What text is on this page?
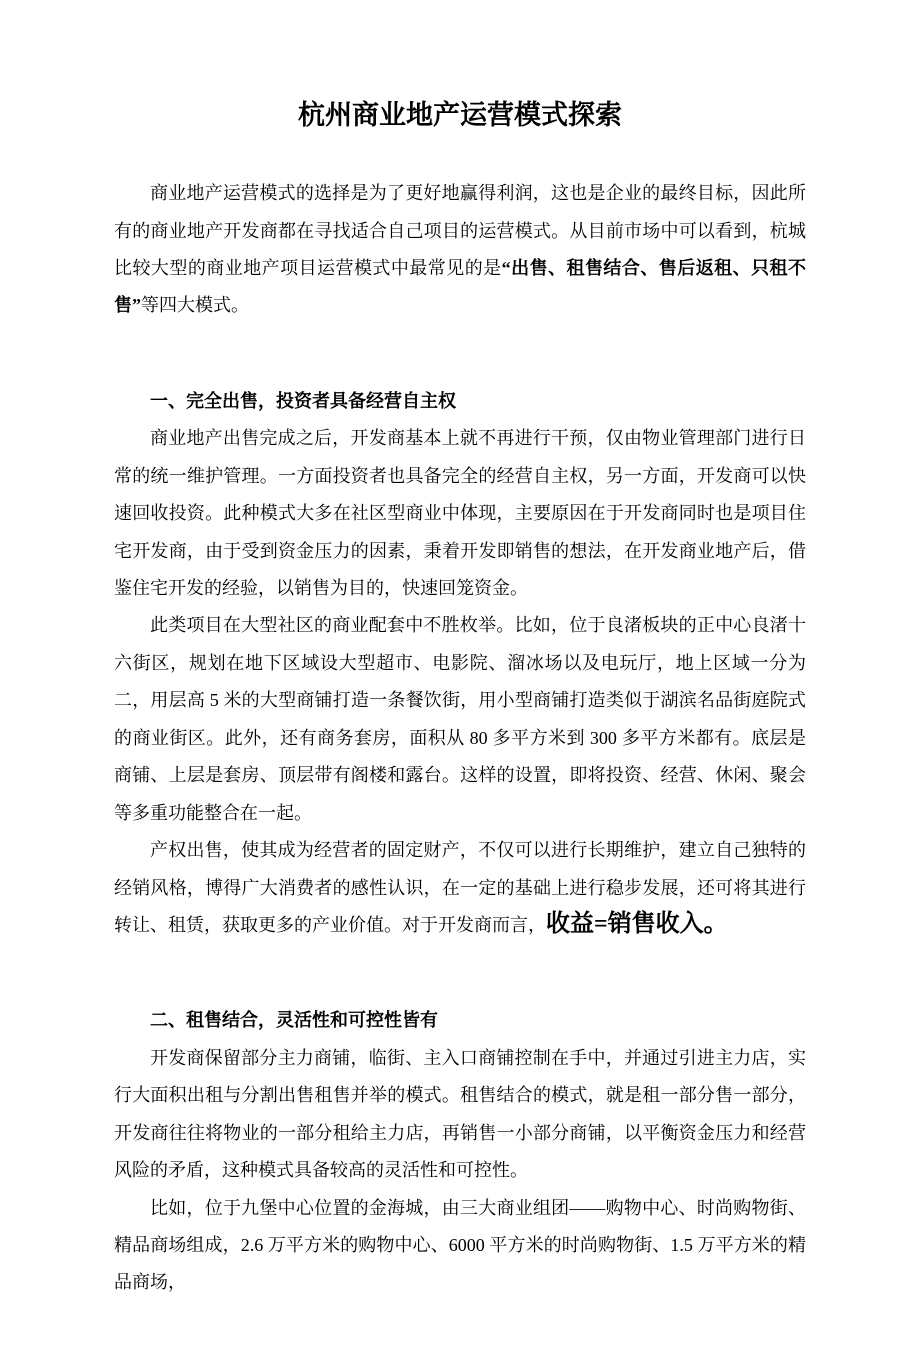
杭州商业地产运营模式探索

商业地产运营模式的选择是为了更好地赢得利润，这也是企业的最终目标，因此所有的商业地产开发商都在寻找适合自己项目的运营模式。从目前市场中可以看到，杭城比较大型的商业地产项目运营模式中最常见的是“出售、租售结合、售后返租、只租不售”等四大模式。

一、完全出售，投资者具备经营自主权

商业地产出售完成之后，开发商基本上就不再进行干预，仅由物业管理部门进行日常的统一维护管理。一方面投资者也具备完全的经营自主权，另一方面，开发商可以快速回收投资。此种模式大多在社区型商业中体现，主要原因在于开发商同时也是项目住宅开发商，由于受到资金压力的因素，秉着开发即销售的想法，在开发商业地产后，借鉴住宅开发的经验，以销售为目的，快速回笼资金。

此类项目在大型社区的商业配套中不胜枚举。比如，位于良渚板块的正中心良渚十六街区，规划在地下区域设大型超市、电影院、溜冰场以及电玩厅，地上区域一分为二，用层高 5 米的大型商铺打造一条餐饮街，用小型商铺打造类似于湖滨名品街庭院式的商业街区。此外，还有商务套房，面积从 80 多平方米到 300 多平方米都有。底层是商铺、上层是套房、顶层带有阁楼和露台。这样的设置，即将投资、经营、休闲、聚会等多重功能整合在一起。

产权出售，使其成为经营者的固定财产，不仅可以进行长期维护，建立自己独特的经销风格，博得广大消费者的感性认识，在一定的基础上进行稳步发展，还可将其进行转让、租赁，获取更多的产业价值。对于开发商而言，收益=销售收入。

二、租售结合，灵活性和可控性皆有

开发商保留部分主力商铺，临街、主入口商铺控制在手中，并通过引进主力店，实行大面积出租与分割出售租售并举的模式。租售结合的模式，就是租一部分售一部分，开发商往往将物业的一部分租给主力店，再销售一小部分商铺，以平衡资金压力和经营风险的矛盾，这种模式具备较高的灵活性和可控性。

比如，位于九堡中心位置的金海城，由三大商业组团——购物中心、时尚购物街、精品商场组成，2.6 万平方米的购物中心、6000 平方米的时尚购物街、1.5 万平方米的精品商场，
